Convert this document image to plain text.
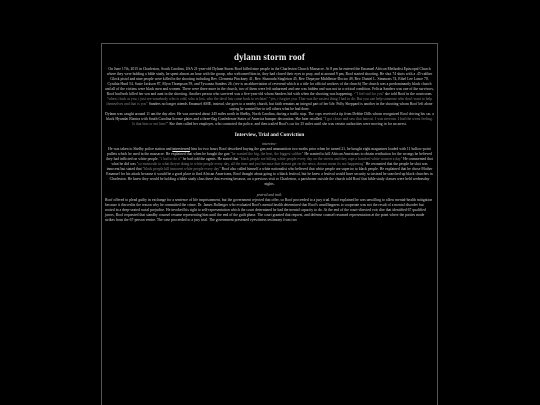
dylann storm roof

On June 17th, 2015 in Charleston, South Carolina, USA 21-year-old Dylann Storm Roof killed nine people in the Charleston Church Massacre. At 8 pm he entered the Emanuel African Methodist Episcopal Church where they were holding a bible study, he spent almost an hour with the group, who welcomed him in, they had closed their eyes to pray, and at around 9 pm, Roof started shooting. He shot 74 shots with a .45-caliber Glock pistol and nine people were killed in the shooting including Rev. Clementa Pinckney 41, Rev. Sharonda Singleton 45, Rev. Depayne Middleton-Doctor 49, Rev. Daniel L. Simmons 74, Ethel Lee Lance 70, Cynthia Hurd 54, Susie Jackson 87, Myra Thompson 59, and Tywanza Sanders 26. (rev is an abbreviation of reverend which is a title for official workers of the church) The church was a predominantly black church and all of the victims were black men and women. There were three more in the church, two of them were left unharmed and one was hidden and was not in a critical condition. Felicia Sanders was one of the survivors, Roof had both killed her son and aunt in the shooting. Another person who survived was a five-year-old whom Sanders hid with when the shooting was happening. -"I feel sad for you" she told Roof in the courtroom. "when i look at you, i just see somebody who is cold, who is lost, who the devil has come back to reclaim" "yes, i forgive you. That was the easiest thing I had to do. But you can help someone who don't want to help themselves and that is you" Sanders no longer attends Emanuel AME, instead, she goes to a nearby church, but faith remains an integral part of her life. Polly Sheppard is another in the shooting whom Roof left alone saying he wanted her to tell others what he had done.

Dylann was caught around 11 am the day after. He was arrested about 245 miles north in Shelby, North Carolina, during a traffic stop. The cops received a tip from Debbie Dills whom recognized Roof driving his car, a black Hyundai Elantra with South Carolina license plates and a three-flag Confederate States of America bumper decoration. She later recalled, "I got closer and saw that haircut. I was nervous. I had the worst feeling. Is that him or not him?" She then called her employer, who contacted the police, and then trailed Roof's car for 25 miles until she was certain authorities were moving in for an arrest.

Interview, Trial and Conviction
interview:

He was taken to Shelby police station and interviewed him for two hours Roof described buying the gun and ammunition two moths prior when he turned 21, he bought eight magazines loaded with 11 hollow-point pullets which he used in the massacre. He explained that when he bought the gun "he wanted the big, the best, the biggest caliber" He wanted to kill African Americans to obtain retribution for the wrongs he believed they had inflicted on white people. "i had to do it" he had told the agents. He stated that "black people are killing white people every day on the streets and they rape a hundred white women a day" He commented that what he did was "so miniscule to what theyre doing to white people every day, all the time and just because that doesnt get on the news, doesnt mean its not happening" He recounted that the people he shot was innocent but stated that "black people kill innocent white people every day" Roof also called himself a white nationalist who believed that white people are superior to black people. He explained that he chose Mother Emanuel for his attack because it would be a good place to find African Americans, Roof thought about going to a black festival, but he knew a festival would have security so instead he searched up black churches in Charleston. He knew they would be holding a bible study class there that evening because, on a previous visit to Charleston, a parishoner outside the church told Roof that bible study classes were held wednesday nights.

pretrail and trail:

Roof offered to plead guilty in exchange for a sentence of life imprisonment, but the government rejected that offer, so Roof proceeded to a jury trial. Roof explained he was unwilling to allow mental-health mitigation because it discredits the reason why he committed the crime. Dr. James Ballenger who evaluated Roof's mental health determined that Roof's unwillingness to cooperate was not the result of a mental disorder but rooted in a deep-seated racial prejudice. He invoked his right to self-representation which the court determined he had the mental capacity to do. At the end of the court-directed voir dire that identified 67 qualified jurors, Roof requested that standby counsel resume representing him until the end of the guilt phase. The court granted that request, and defense counsel resumed representation at the point where the parties made strikes from the 67-person venire. The case proceeded to a jury trial. The government presented eyewitness testimony from two
